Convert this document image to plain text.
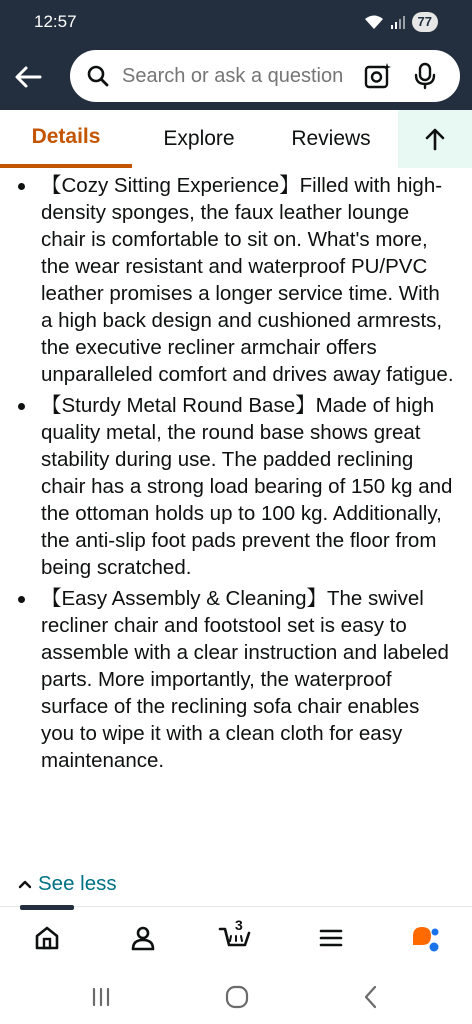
12:57	77
Search or ask a question
Details	Explore	Reviews
【Cozy Sitting Experience】Filled with high-density sponges, the faux leather lounge chair is comfortable to sit on. What's more, the wear resistant and waterproof PU/PVC leather promises a longer service time. With a high back design and cushioned armrests, the executive recliner armchair offers unparalleled comfort and drives away fatigue.
【Sturdy Metal Round Base】Made of high quality metal, the round base shows great stability during use. The padded reclining chair has a strong load bearing of 150 kg and the ottoman holds up to 100 kg. Additionally, the anti-slip foot pads prevent the floor from being scratched.
【Easy Assembly & Cleaning】The swivel recliner chair and footstool set is easy to assemble with a clear instruction and labeled parts. More importantly, the waterproof surface of the reclining sofa chair enables you to wipe it with a clean cloth for easy maintenance.
See less
3
